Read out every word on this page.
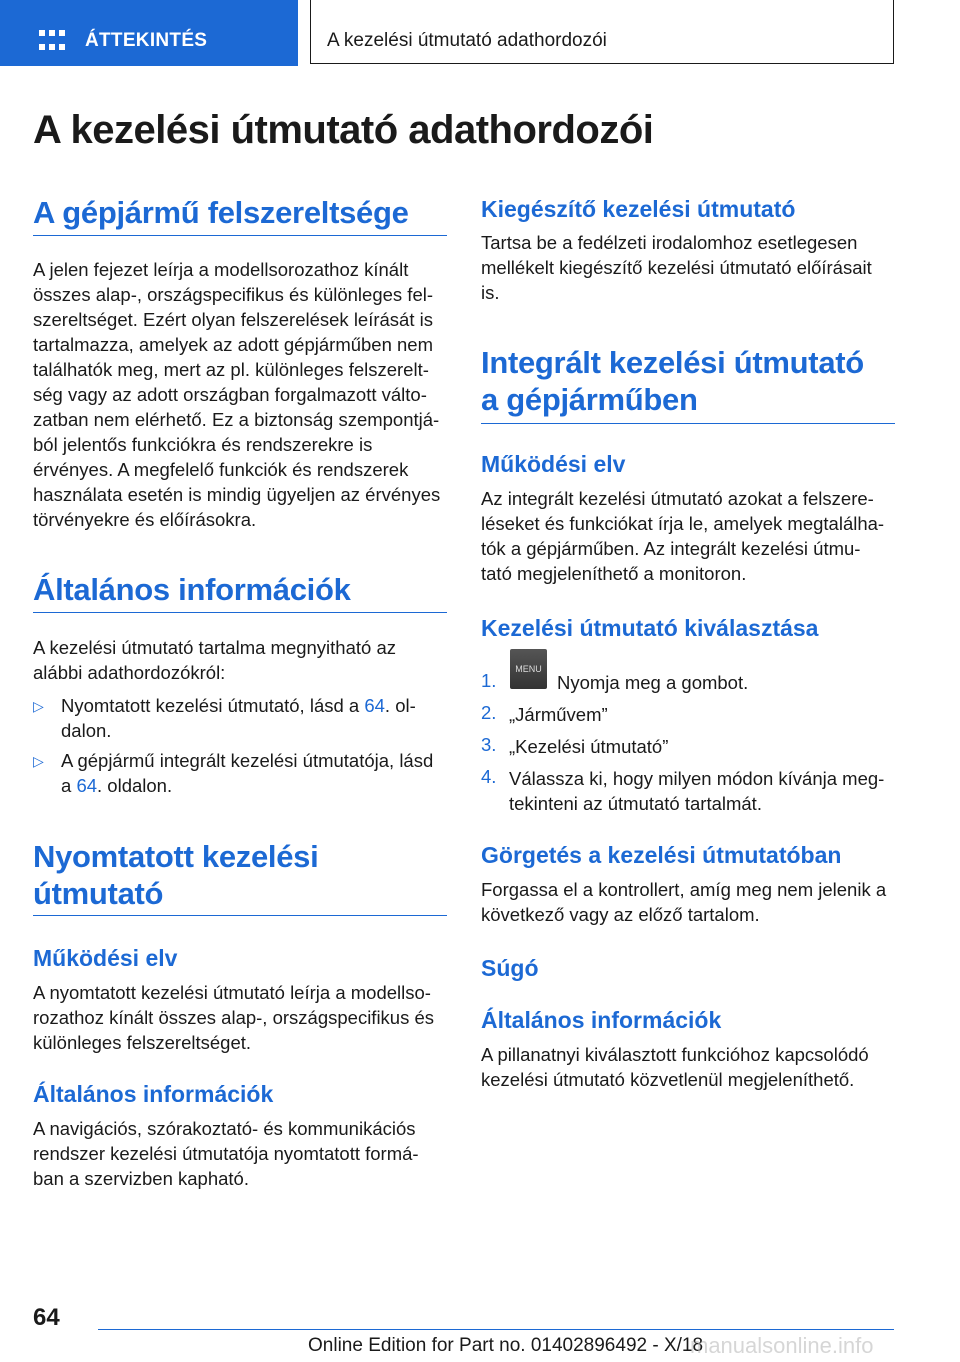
ÁTTEKINTÉS	A kezelési útmutató adathordozói
A kezelési útmutató adathordozói
A gépjármű felszereltsége

A jelen fejezet leírja a modellsorozathoz kínált
összes alap-, országspecifikus és különleges fel‐
szereltséget. Ezért olyan felszerelések leírását is
tartalmazza, amelyek az adott gépjárműben nem
találhatók meg, mert az pl. különleges felszerelt‐
ség vagy az adott országban forgalmazott válto‐
zatban nem elérhető. Ez a biztonság szempontjá‐
ból jelentős funkciókra és rendszerekre is
érvényes. A megfelelő funkciók és rendszerek
használata esetén is mindig ügyeljen az érvényes
törvényekre és előírásokra.

Általános információk

A kezelési útmutató tartalma megnyitható az
alábbi adathordozókról:

▷ Nyomtatott kezelési útmutató, lásd a 64. ol‐
dalon.

▷ A gépjármű integrált kezelési útmutatója, lásd
a 64. oldalon.

Nyomtatott kezelési
útmutató
Működési elv

A nyomtatott kezelési útmutató leírja a modellso‐
rozathoz kínált összes alap-, országspecifikus és
különleges felszereltséget.

Általános információk

A navigációs, szórakoztató- és kommunikációs
rendszer kezelési útmutatója nyomtatott formá‐
ban a szervizben kapható.

Kiegészítő kezelési útmutató

Tartsa be a fedélzeti irodalomhoz esetlegesen
mellékelt kiegészítő kezelési útmutató előírásait
is.

Integrált kezelési útmutató
a gépjárműben
Működési elv

Az integrált kezelési útmutató azokat a felszere‐
léseket és funkciókat írja le, amelyek megtalálha‐
tók a gépjárműben. Az integrált kezelési útmu‐
tató megjeleníthető a monitoron.

Kezelési útmutató kiválasztása
1.	Nyomja meg a gombot.

2. „Járművem”

3. „Kezelési útmutató”

4. Válassza ki, hogy milyen módon kívánja meg‐
tekinteni az útmutató tartalmát.

Görgetés a kezelési útmutatóban

Forgassa el a kontrollert, amíg meg nem jelenik a
következő vagy az előző tartalom.

Súgó
Általános információk

A pillanatnyi kiválasztott funkcióhoz kapcsolódó
kezelési útmutató közvetlenül megjeleníthető.

MENU
64
Online Edition for Part no. 01402896492 - X/18
manualsonline.info
